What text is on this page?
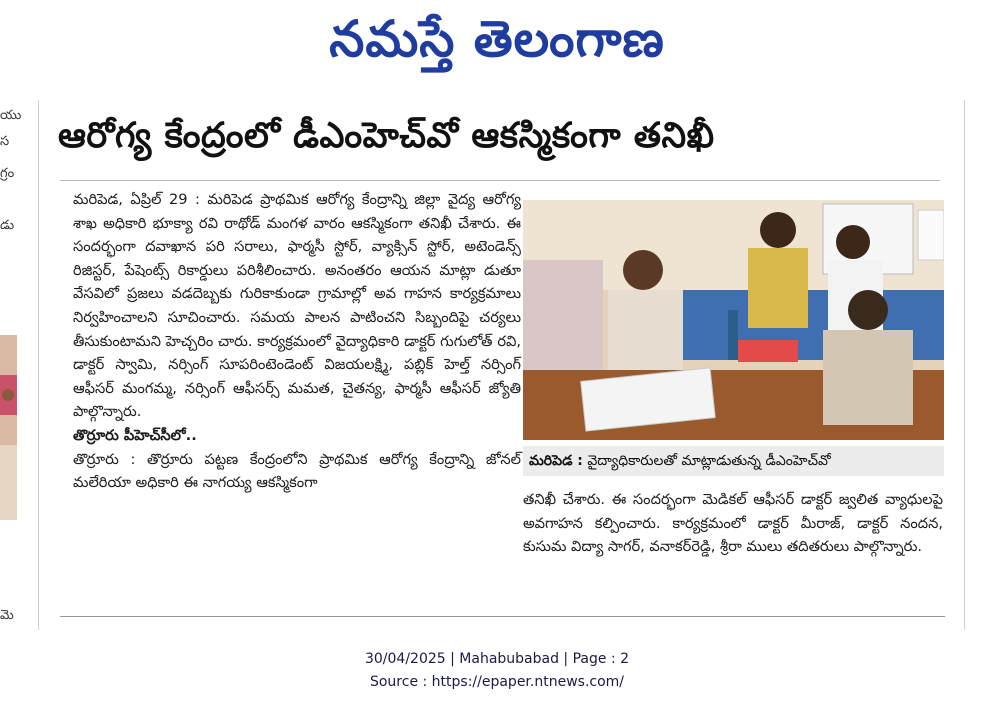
నమస్తే తెలంగాణ
యు
స
గ్రం
డు
మె
ఆరోగ్య కేంద్రంలో డీఎంహెచ్‌వో ఆకస్మికంగా తనిఖీ

మరిపెడ, ఏప్రిల్ 29 : మరిపెడ ప్రాథమిక ఆరోగ్య కేంద్రాన్ని జిల్లా వైద్య ఆరోగ్య శాఖ అధికారి భూక్యా రవి రాథోడ్ మంగళ వారం ఆకస్మికంగా తనిఖీ చేశారు. ఈ సందర్భంగా దవాఖాన పరి సరాలు, ఫార్మసీ స్టోర్, వ్యాక్సిన్ స్టోర్, అటెండెన్స్ రిజిస్టర్, పేషెంట్స్ రికార్డులు పరిశీలించారు. అనంతరం ఆయన మాట్లా డుతూ వేసవిలో ప్రజలు వడదెబ్బకు గురికాకుండా గ్రామాల్లో అవ గాహన కార్యక్రమాలు నిర్వహించాలని సూచించారు. సమయ పాలన పాటించని సిబ్బందిపై చర్యలు తీసుకుంటామని హెచ్చరిం చారు. కార్యక్రమంలో వైద్యాధికారి డాక్టర్ గుగులోత్ రవి, డాక్టర్ స్వామి, నర్సింగ్ సూపరింటెండెంట్ విజయలక్ష్మి, పబ్లిక్ హెల్త్ నర్సింగ్ ఆఫీసర్ మంగమ్మ, నర్సింగ్ ఆఫీసర్స్ మమత, చైతన్య, ఫార్మసీ ఆఫీసర్ జ్యోతి పాల్గొన్నారు.

తొర్రూరు పీహెచ్‌సీలో..

తొర్రూరు : తొర్రూరు పట్టణ కేంద్రంలోని ప్రాథమిక ఆరోగ్య కేంద్రాన్ని జోనల్ మలేరియా అధికారి ఈ నాగయ్య ఆకస్మికంగా

మరిపెడ : వైద్యాధికారులతో మాట్లాడుతున్న డీఎంహెచ్‌వో

తనిఖీ చేశారు. ఈ సందర్భంగా మెడికల్ ఆఫీసర్ డాక్టర్ జ్వలిత వ్యాధులపై అవగాహన కల్పించారు. కార్యక్రమంలో డాక్టర్ మీరాజ్, డాక్టర్ నందన, కుసుమ విద్యా సాగర్, వనాకర్‌రెడ్డి, శ్రీరా ములు తదితరులు పాల్గొన్నారు.

30/04/2025 | Mahabubabad | Page : 2
Source : https://epaper.ntnews.com/
